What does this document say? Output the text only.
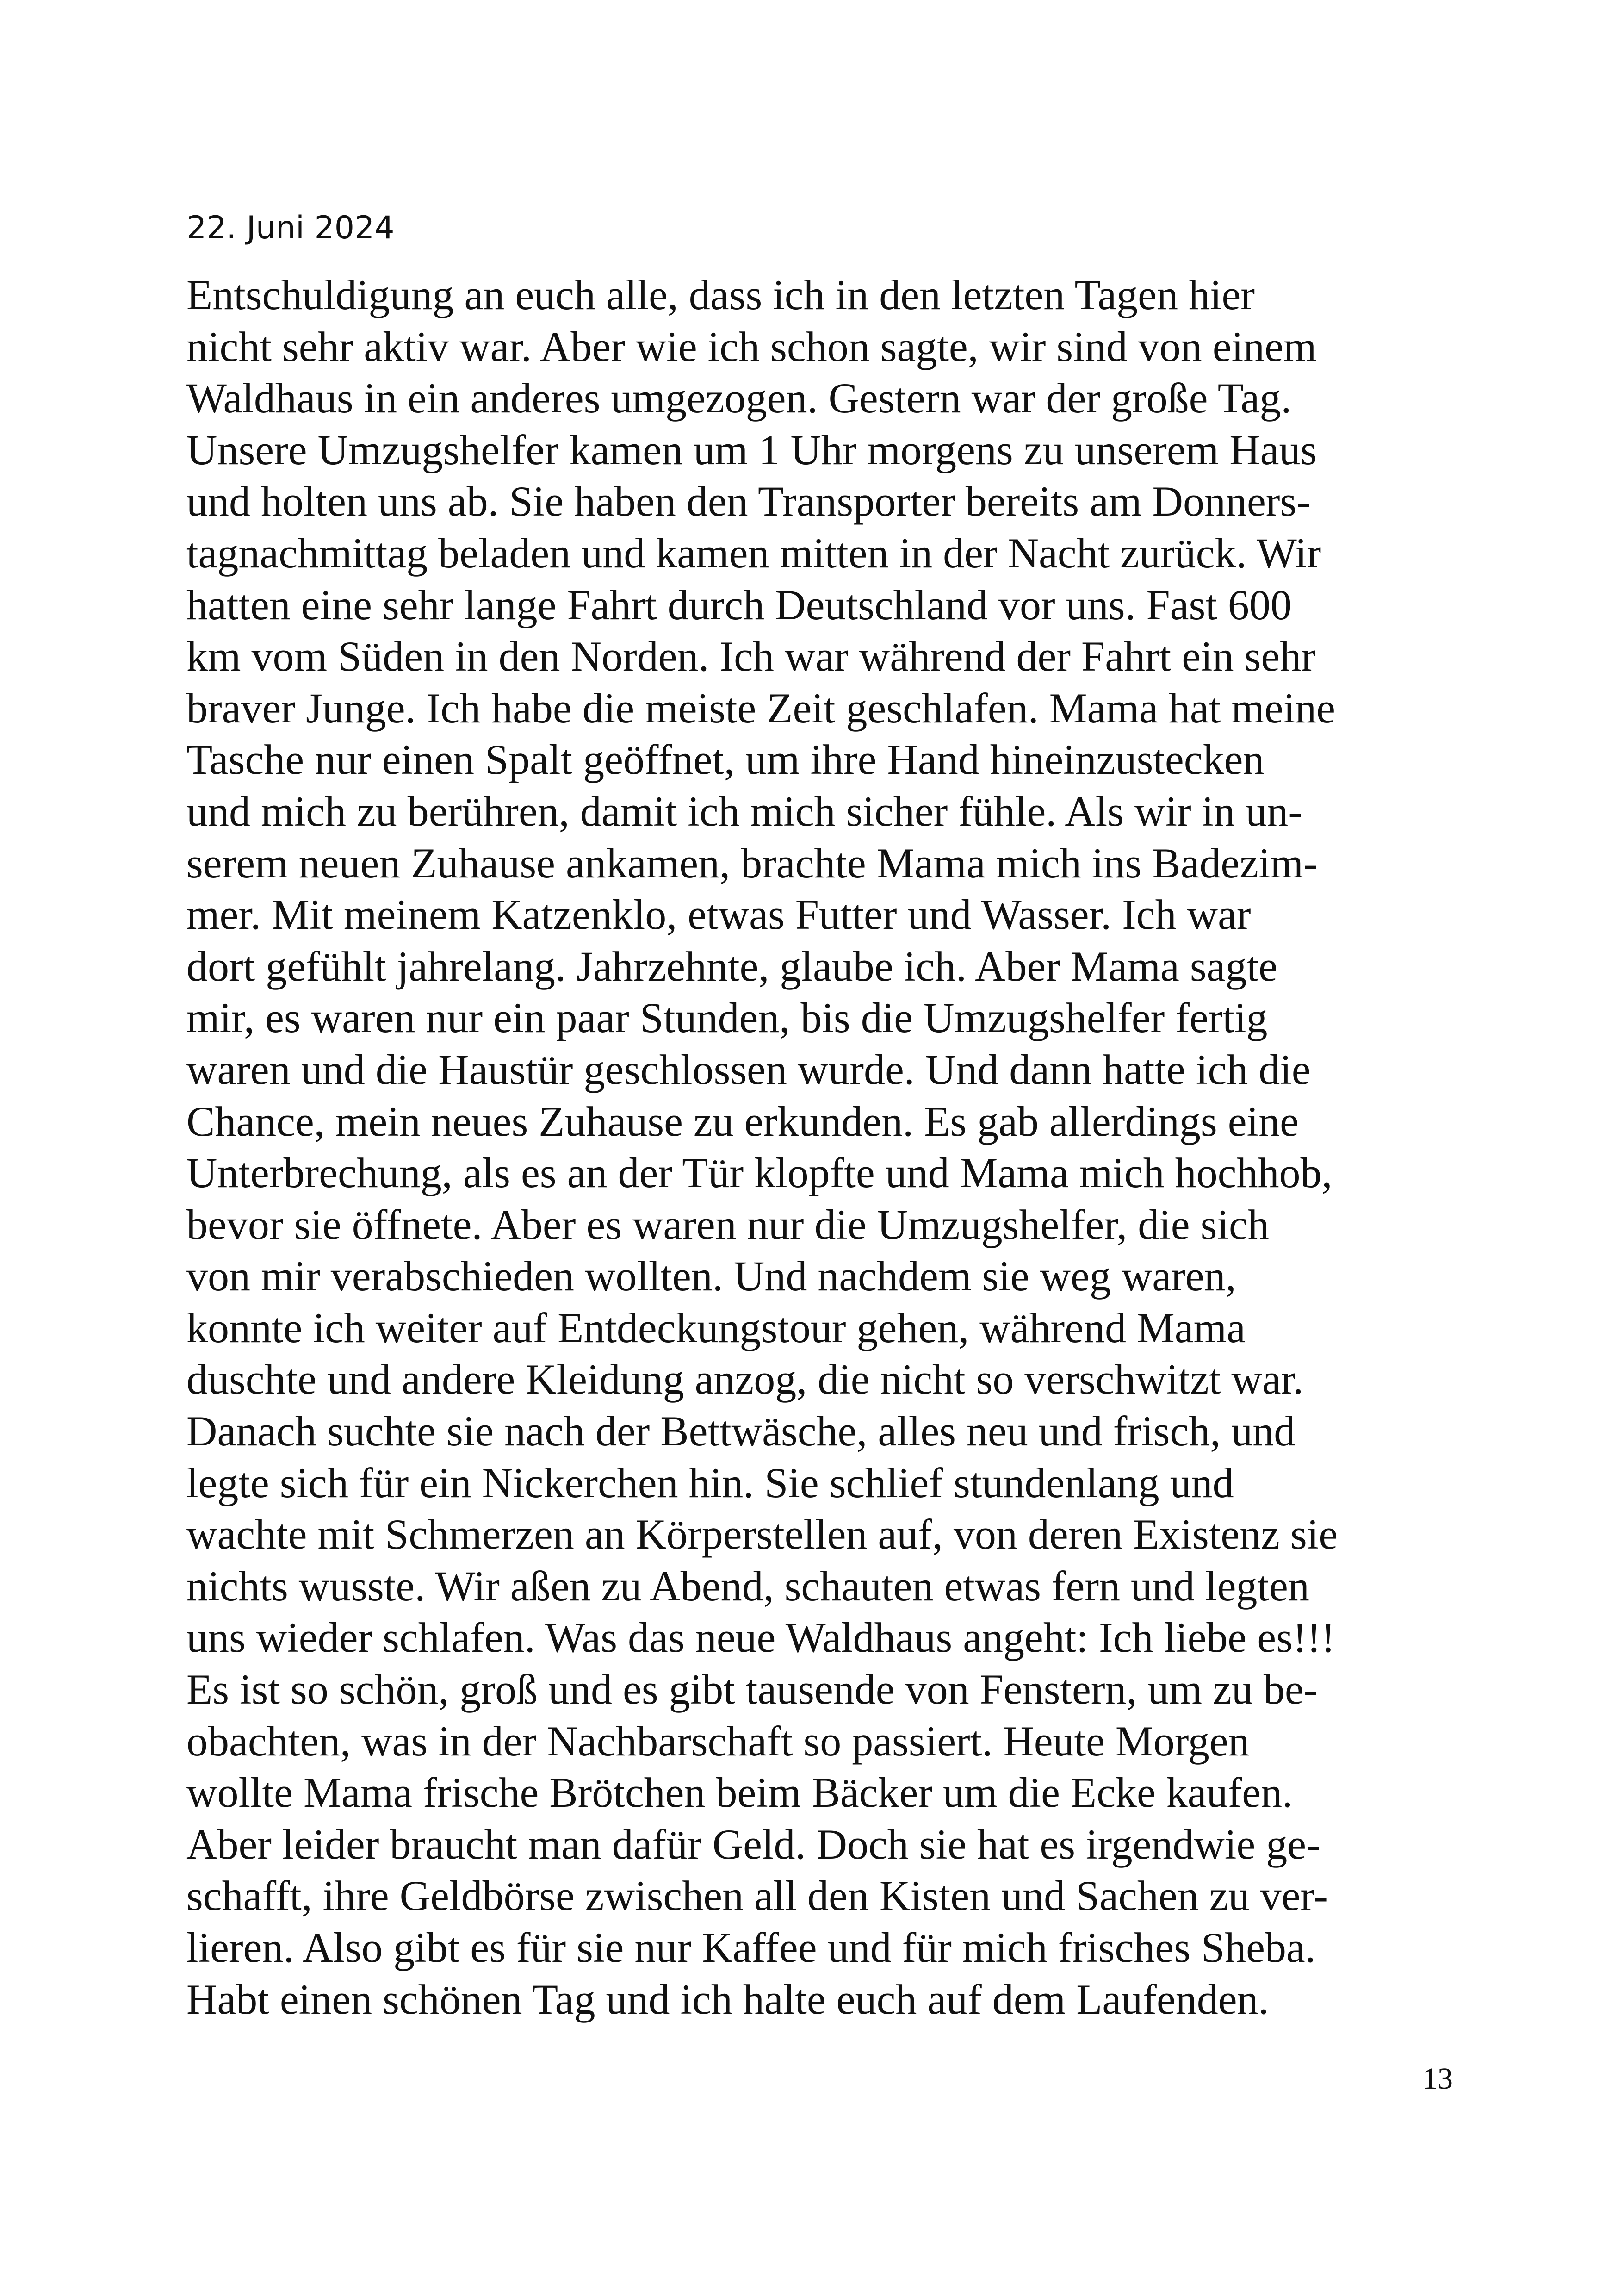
22. Juni 2024
Entschuldigung an euch alle, dass ich in den letzten Tagen hier
nicht sehr aktiv war. Aber wie ich schon sagte, wir sind von einem
Waldhaus in ein anderes umgezogen. Gestern war der große Tag.
Unsere Umzugshelfer kamen um 1 Uhr morgens zu unserem Haus
und holten uns ab. Sie haben den Transporter bereits am Donners-
tagnachmittag beladen und kamen mitten in der Nacht zurück. Wir
hatten eine sehr lange Fahrt durch Deutschland vor uns. Fast 600
km vom Süden in den Norden. Ich war während der Fahrt ein sehr
braver Junge. Ich habe die meiste Zeit geschlafen. Mama hat meine
Tasche nur einen Spalt geöffnet, um ihre Hand hineinzustecken
und mich zu berühren, damit ich mich sicher fühle. Als wir in un-
serem neuen Zuhause ankamen, brachte Mama mich ins Badezim-
mer. Mit meinem Katzenklo, etwas Futter und Wasser. Ich war
dort gefühlt jahrelang. Jahrzehnte, glaube ich. Aber Mama sagte
mir, es waren nur ein paar Stunden, bis die Umzugshelfer fertig
waren und die Haustür geschlossen wurde. Und dann hatte ich die
Chance, mein neues Zuhause zu erkunden. Es gab allerdings eine
Unterbrechung, als es an der Tür klopfte und Mama mich hochhob,
bevor sie öffnete. Aber es waren nur die Umzugshelfer, die sich
von mir verabschieden wollten. Und nachdem sie weg waren,
konnte ich weiter auf Entdeckungstour gehen, während Mama
duschte und andere Kleidung anzog, die nicht so verschwitzt war.
Danach suchte sie nach der Bettwäsche, alles neu und frisch, und
legte sich für ein Nickerchen hin. Sie schlief stundenlang und
wachte mit Schmerzen an Körperstellen auf, von deren Existenz sie
nichts wusste. Wir aßen zu Abend, schauten etwas fern und legten
uns wieder schlafen. Was das neue Waldhaus angeht: Ich liebe es!!!
Es ist so schön, groß und es gibt tausende von Fenstern, um zu be-
obachten, was in der Nachbarschaft so passiert. Heute Morgen
wollte Mama frische Brötchen beim Bäcker um die Ecke kaufen.
Aber leider braucht man dafür Geld. Doch sie hat es irgendwie ge-
schafft, ihre Geldbörse zwischen all den Kisten und Sachen zu ver-
lieren. Also gibt es für sie nur Kaffee und für mich frisches Sheba.
Habt einen schönen Tag und ich halte euch auf dem Laufenden.
13
